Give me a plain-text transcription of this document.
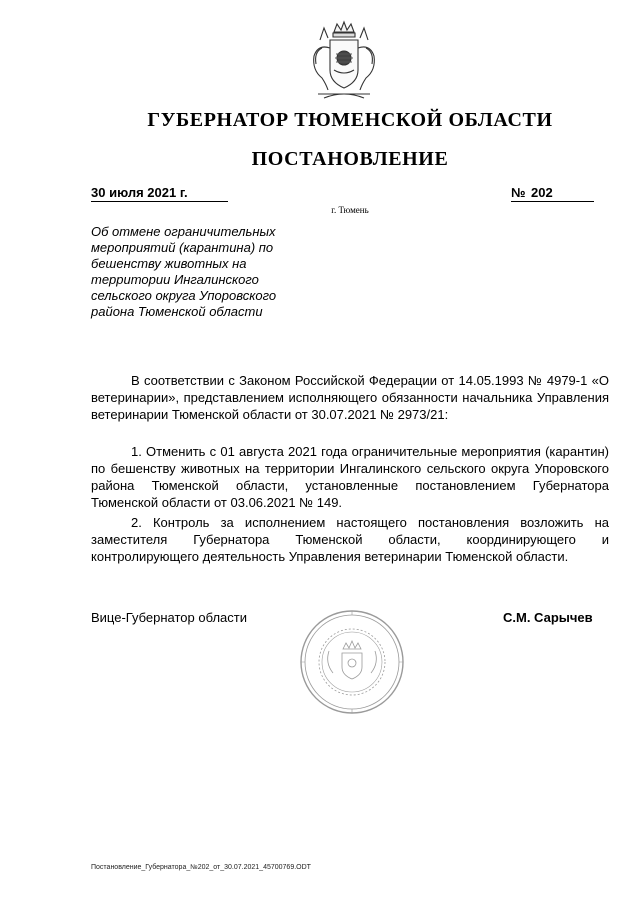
ГУБЕРНАТОР ТЮМЕНСКОЙ ОБЛАСТИ
ПОСТАНОВЛЕНИЕ
30 июля 2021 г.	№ 202
г. Тюмень
Об отмене ограничительных
мероприятий (карантина) по
бешенству животных на
территории Ингалинского
сельского округа Упоровского
района Тюменской области
В соответствии с Законом Российской Федерации от 14.05.1993 № 4979-1 «О ветеринарии», представлением исполняющего обязанности начальника Управления ветеринарии Тюменской области от 30.07.2021 № 2973/21:
1. Отменить с 01 августа 2021 года ограничительные мероприятия (карантин) по бешенству животных на территории Ингалинского сельского округа Упоровского района Тюменской области, установленные постановлением Губернатора Тюменской области от 03.06.2021 № 149.
2. Контроль за исполнением настоящего постановления возложить на заместителя Губернатора Тюменской области, координирующего и контролирующего деятельность Управления ветеринарии Тюменской области.
Вице-Губернатор области	С.М. Сарычев
Постановление_Губернатора_№202_от_30.07.2021_45700769.ODT
